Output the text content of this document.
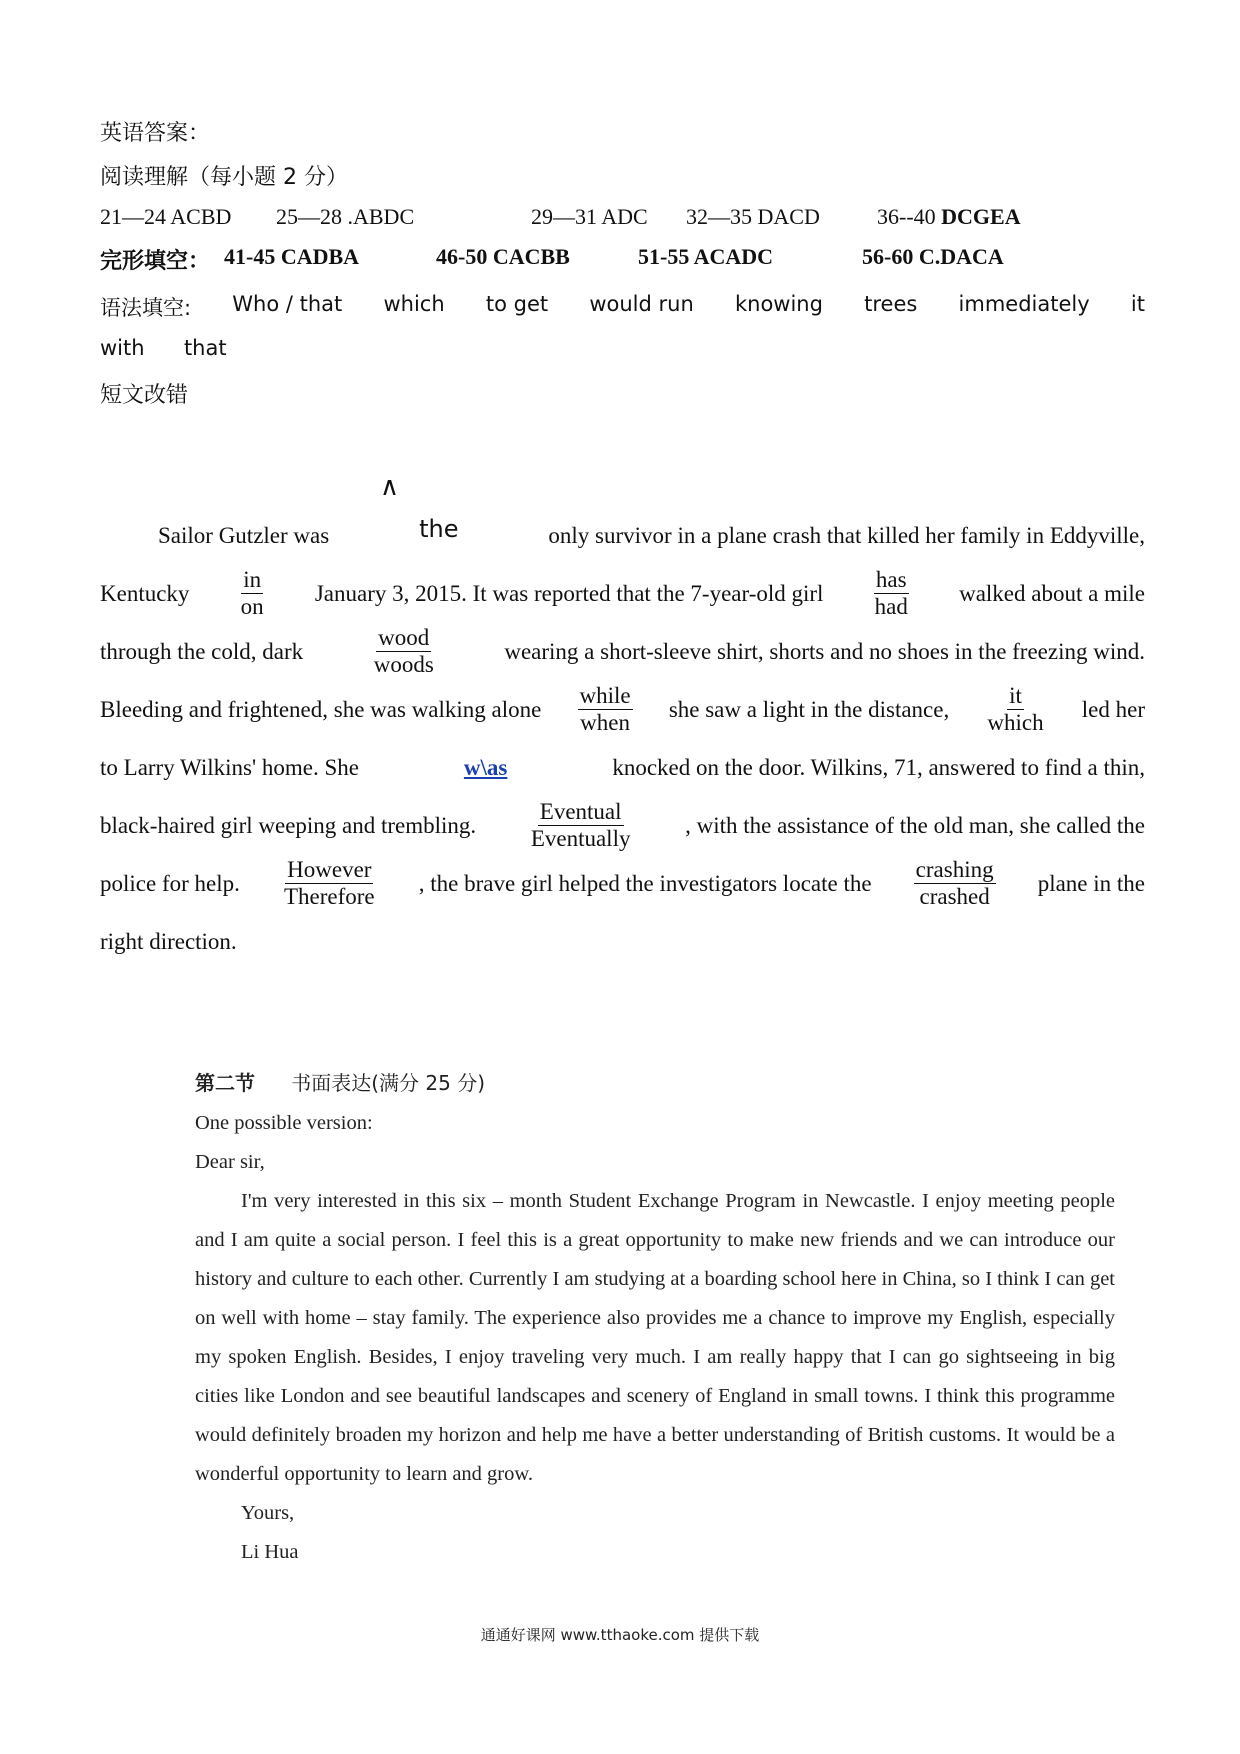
英语答案：
阅读理解（每小题 2 分）
21—24 ACBD 25—28 .ABDC	29—31 ADC 32—35 DACD	36--40 DCGEA
完形填空： 41-45 CADBA	46-50 CACBB	51-55 ACADC	56-60 C.DACA
语法填空: Who / that which to get would run knowing trees immediately it
with that
短文改错
∧
Sailor Gutzler was	the	only survivor in a plane crash that killed her family in Eddyville,
Kentucky $\frac{in}{on}$ January 3, 2015. It was reported that the 7-year-old girl $\frac{\text{has}}{\text{had}}$ walked about a mile
through the cold, dark	$\frac{\text{wood}}{\text{woods}}$	wearing a short-sleeve shirt, shorts and no shoes in the freezing wind.
Bleeding and frightened, she was walking alone $\frac{\text{while}}{\text{when}}$ she saw a light in the distance, $\frac{it}{\text{which}}$ led her
to Larry Wilkins' home. She	w\as	knocked on the door. Wilkins, 71, answered to find a thin,
black-haired girl weeping and trembling. $\frac{\text{Eventual}}{\text{Eventually}}$ , with the assistance of the old man, she called the
police for help. $\frac{\text{However}}{\text{Therefore}}$ , the brave girl helped the investigators locate the $\frac{\text{crashing}}{\text{crashed}}$ plane in the
right direction.

第二节 书面表达(满分 25 分)

One possible version:

Dear sir,

I'm very interested in this six – month Student Exchange Program in Newcastle. I enjoy meeting people and I am quite a social person. I feel this is a great opportunity to make new friends and we can introduce our history and culture to each other. Currently I am studying at a boarding school here in China, so I think I can get on well with home – stay family. The experience also provides me a chance to improve my English, especially my spoken English. Besides, I enjoy traveling very much. I am really happy that I can go sightseeing in big cities like London and see beautiful landscapes and scenery of England in small towns. I think this programme would definitely broaden my horizon and help me have a better understanding of British customs. It would be a wonderful opportunity to learn and grow.

Yours,

Li Hua

通通好课网 www.tthaoke.com 提供下载
